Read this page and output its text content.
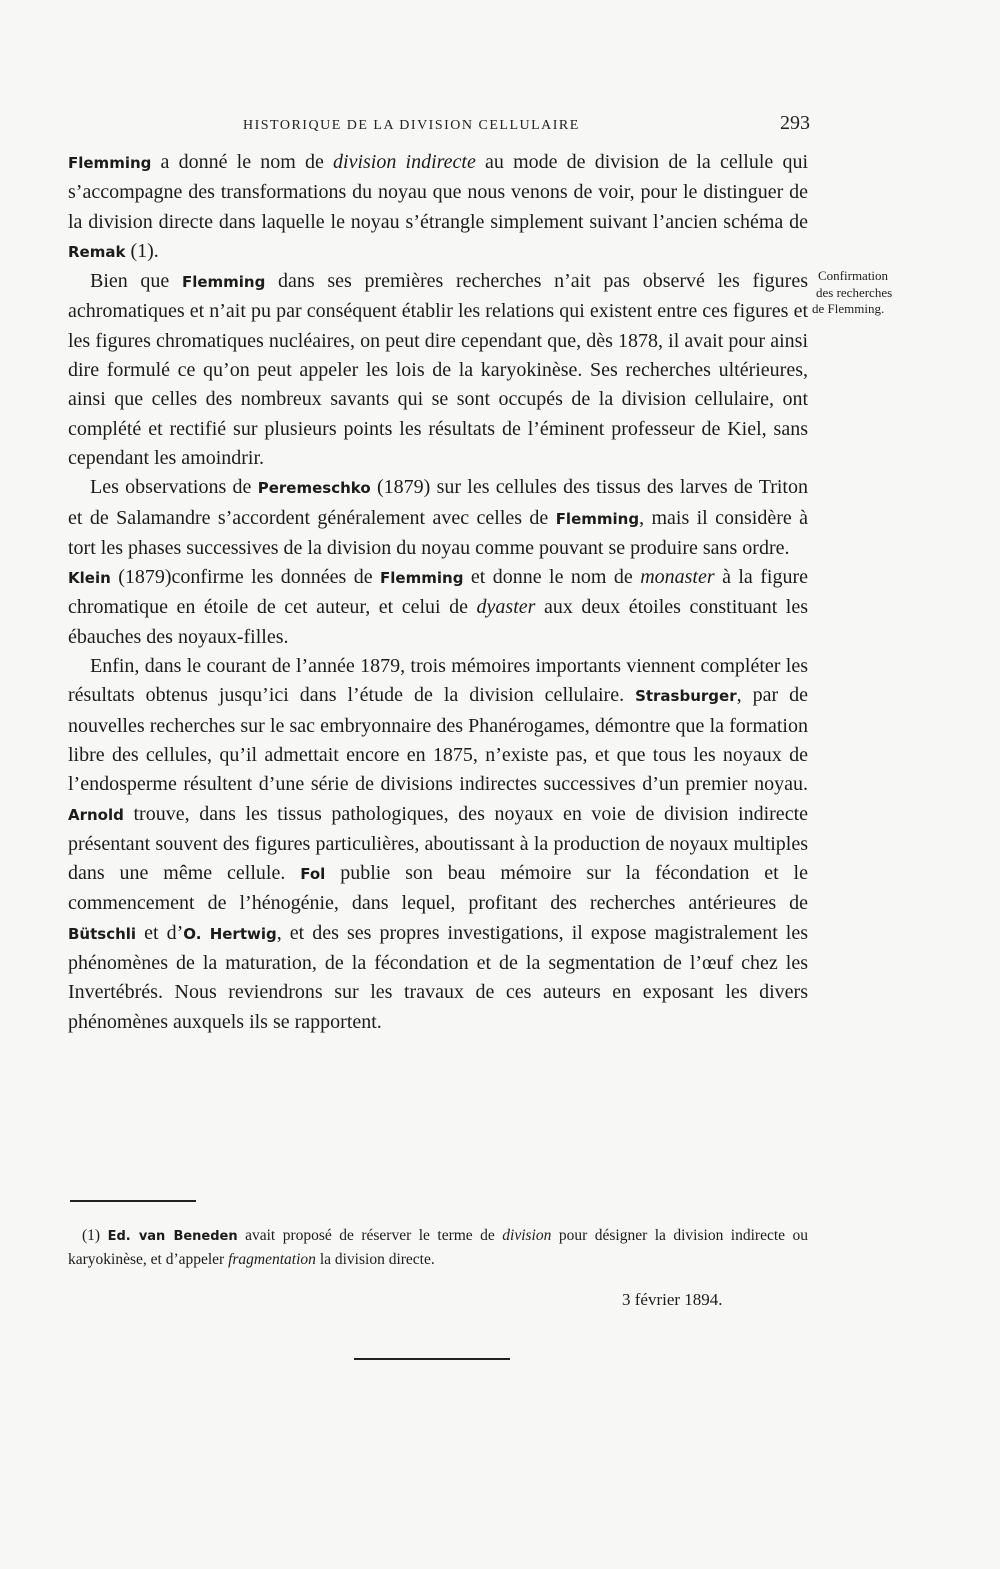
HISTORIQUE DE LA DIVISION CELLULAIRE	293

Flemming a donné le nom de division indirecte au mode de division de la cellule qui s’accompagne des transformations du noyau que nous venons de voir, pour le distinguer de la division directe dans laquelle le noyau s’étrangle simplement suivant l’ancien schéma de Remak (1).

Bien que Flemming dans ses premières recherches n’ait pas observé les figures achromatiques et n’ait pu par conséquent établir les relations qui existent entre ces figures et les figures chromatiques nucléaires, on peut dire cependant que, dès 1878, il avait pour ainsi dire formulé ce qu’on peut appeler les lois de la karyokinèse. Ses recherches ultérieures, ainsi que celles des nombreux savants qui se sont occupés de la division cellulaire, ont complété et rectifié sur plusieurs points les résultats de l’éminent professeur de Kiel, sans cependant les amoindrir.

Les observations de Peremeschko (1879) sur les cellules des tissus des larves de Triton et de Salamandre s’accordent généralement avec celles de Flemming, mais il considère à tort les phases successives de la division du noyau comme pouvant se produire sans ordre.

Klein (1879)confirme les données de Flemming et donne le nom de monaster à la figure chromatique en étoile de cet auteur, et celui de dyaster aux deux étoiles constituant les ébauches des noyaux-filles.

Enfin, dans le courant de l’année 1879, trois mémoires importants viennent compléter les résultats obtenus jusqu’ici dans l’étude de la division cellulaire. Strasburger, par de nouvelles recherches sur le sac embryonnaire des Phanérogames, démontre que la formation libre des cellules, qu’il admettait encore en 1875, n’existe pas, et que tous les noyaux de l’endosperme résultent d’une série de divisions indirectes successives d’un premier noyau. Arnold trouve, dans les tissus pathologiques, des noyaux en voie de division indirecte présentant souvent des figures particulières, aboutissant à la production de noyaux multiples dans une même cellule. Fol publie son beau mémoire sur la fécondation et le commencement de l’hénogénie, dans lequel, profitant des recherches antérieures de Bütschli et d’O. Hertwig, et des ses propres investigations, il expose magistralement les phénomènes de la maturation, de la fécondation et de la segmentation de l’œuf chez les Invertébrés. Nous reviendrons sur les travaux de ces auteurs en exposant les divers phénomènes auxquels ils se rapportent.

Confirmation
des recherches
de Flemming.
(1) Ed. van Beneden avait proposé de réserver le terme de division pour désigner la division indirecte ou karyokinèse, et d’appeler fragmentation la division directe.
3 février 1894.
